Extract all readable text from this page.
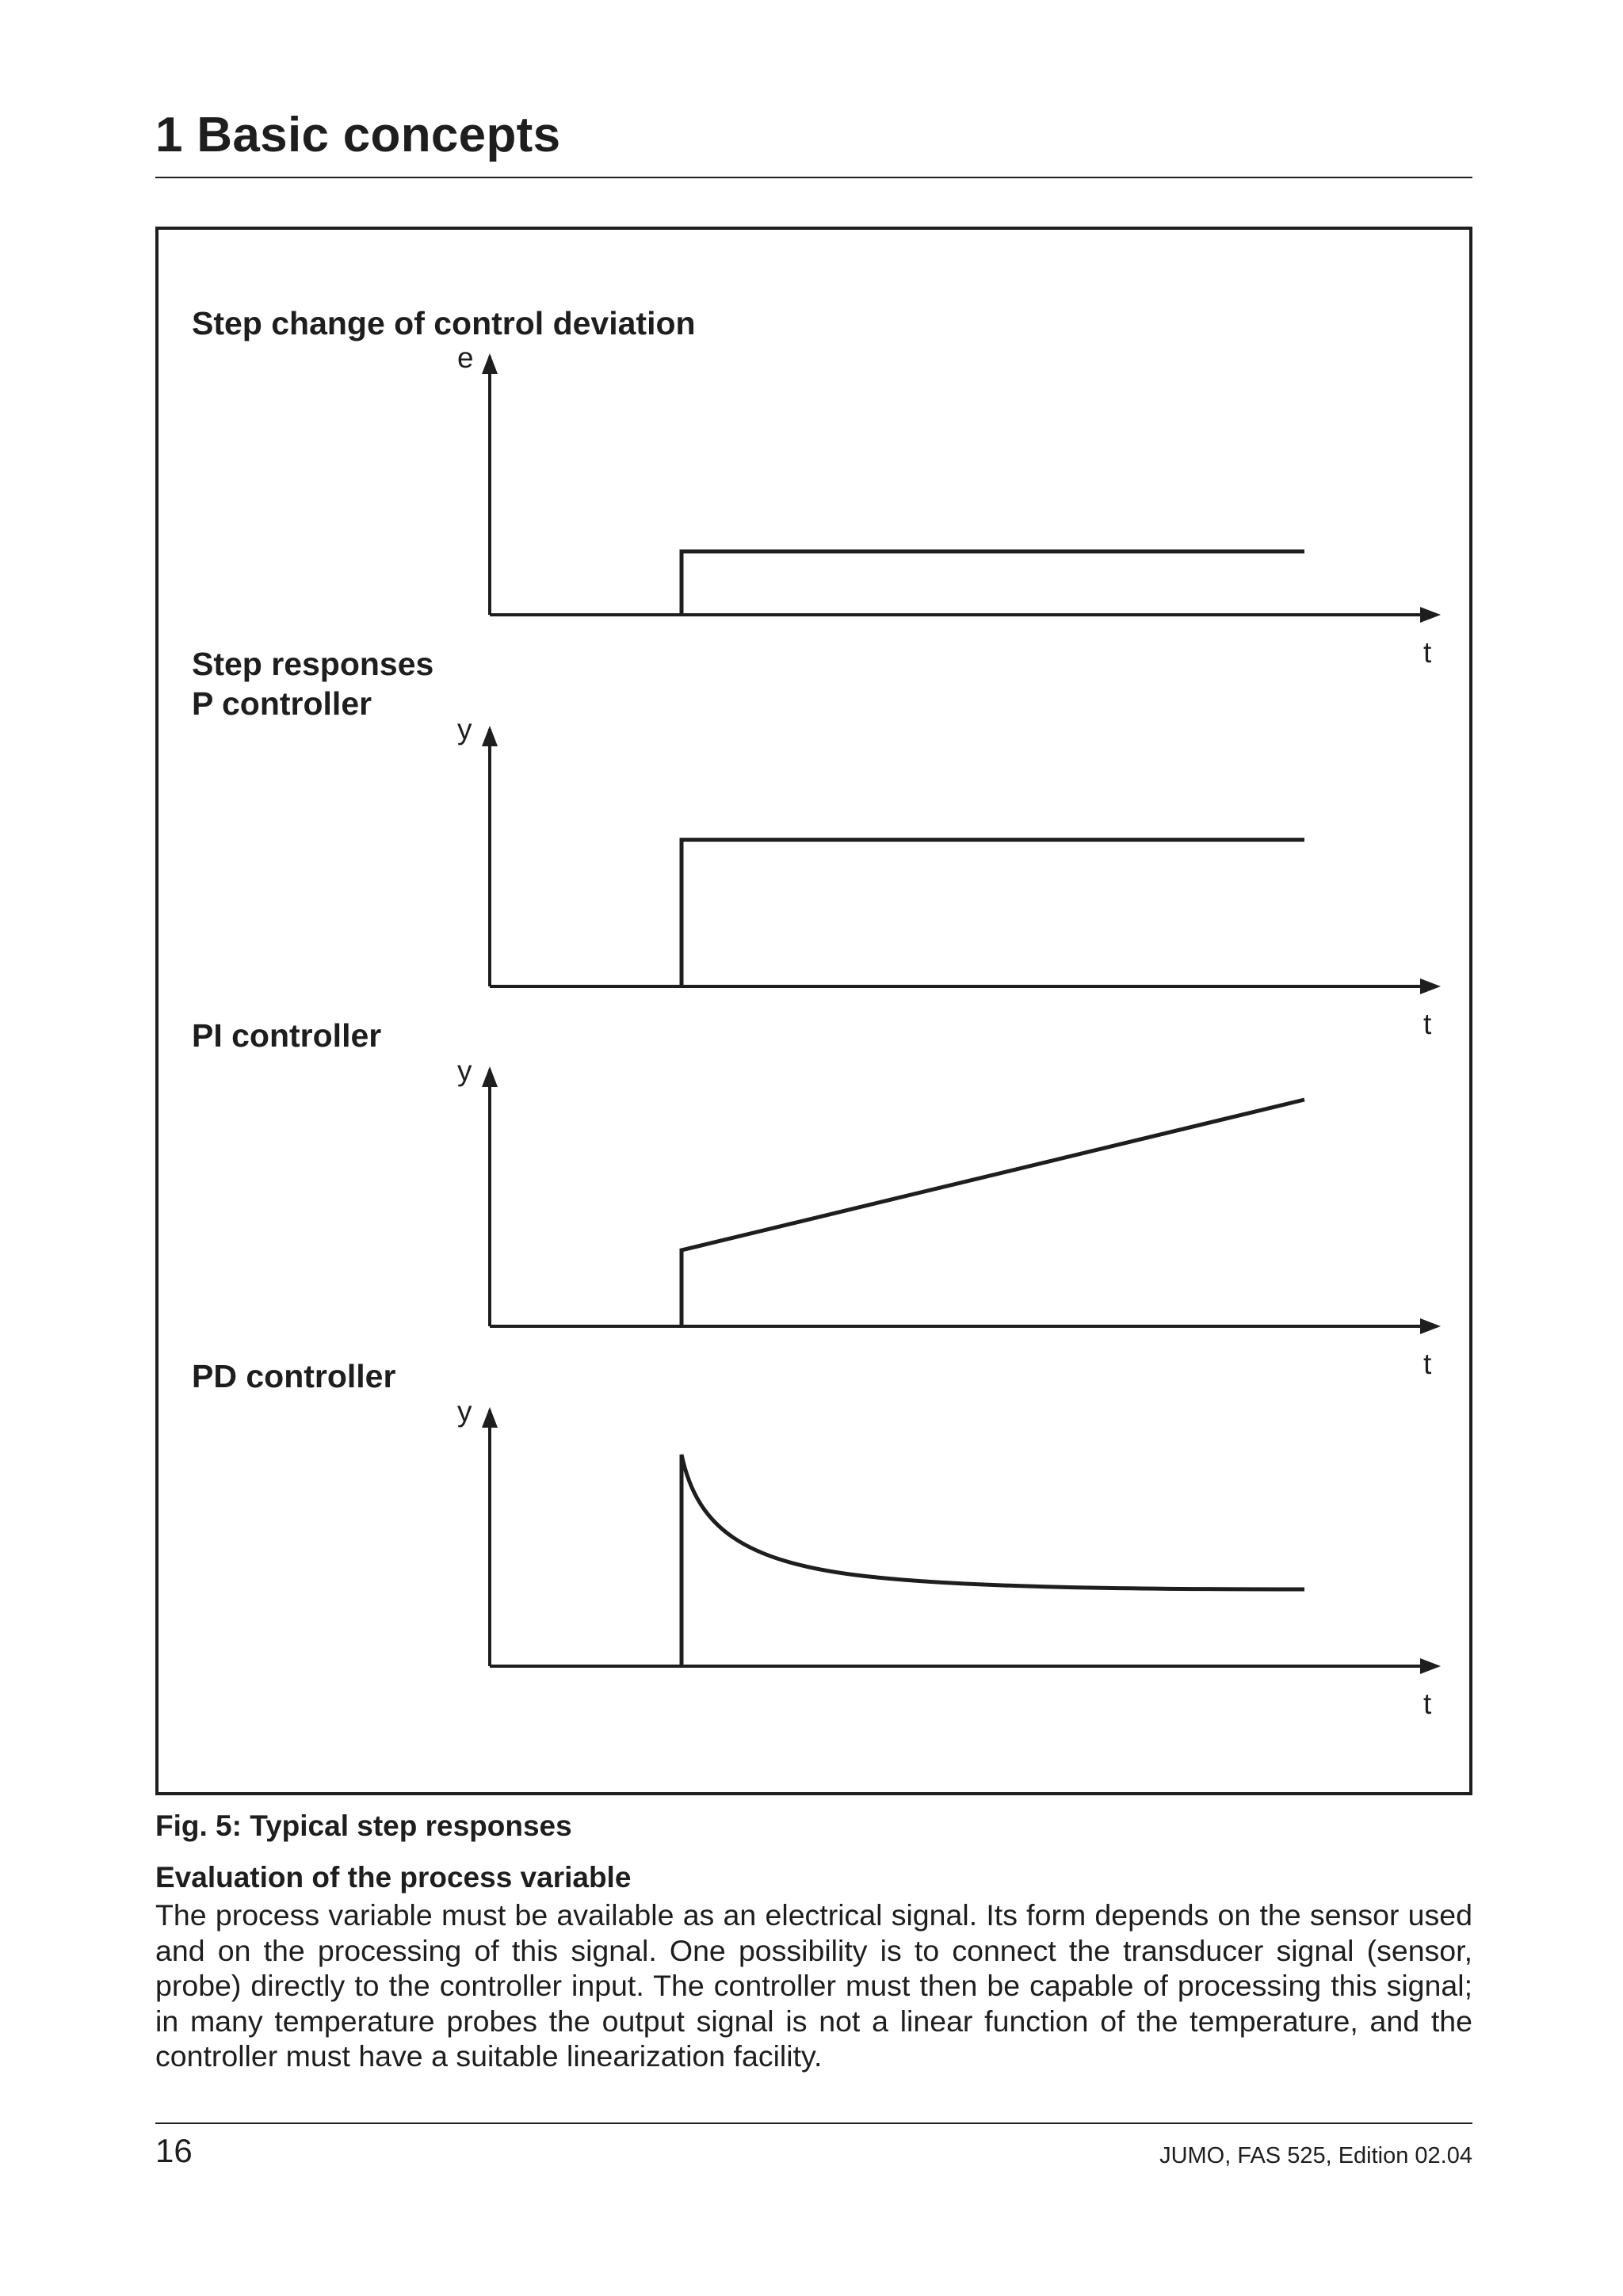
1 Basic concepts
Step change of control deviation
e
t
Step responses
P controller
y
t
PI controller
y
t
PD controller
y
t

Fig. 5: Typical step responses

Evaluation of the process variable

The process variable must be available as an electrical signal. Its form depends on the sensor used and on the processing of this signal. One possibility is to connect the transducer signal (sensor, probe) directly to the controller input. The controller must then be capable of processing this signal; in many temperature probes the output signal is not a linear function of the temperature, and the controller must have a suitable linearization facility.

16	JUMO, FAS 525, Edition 02.04
